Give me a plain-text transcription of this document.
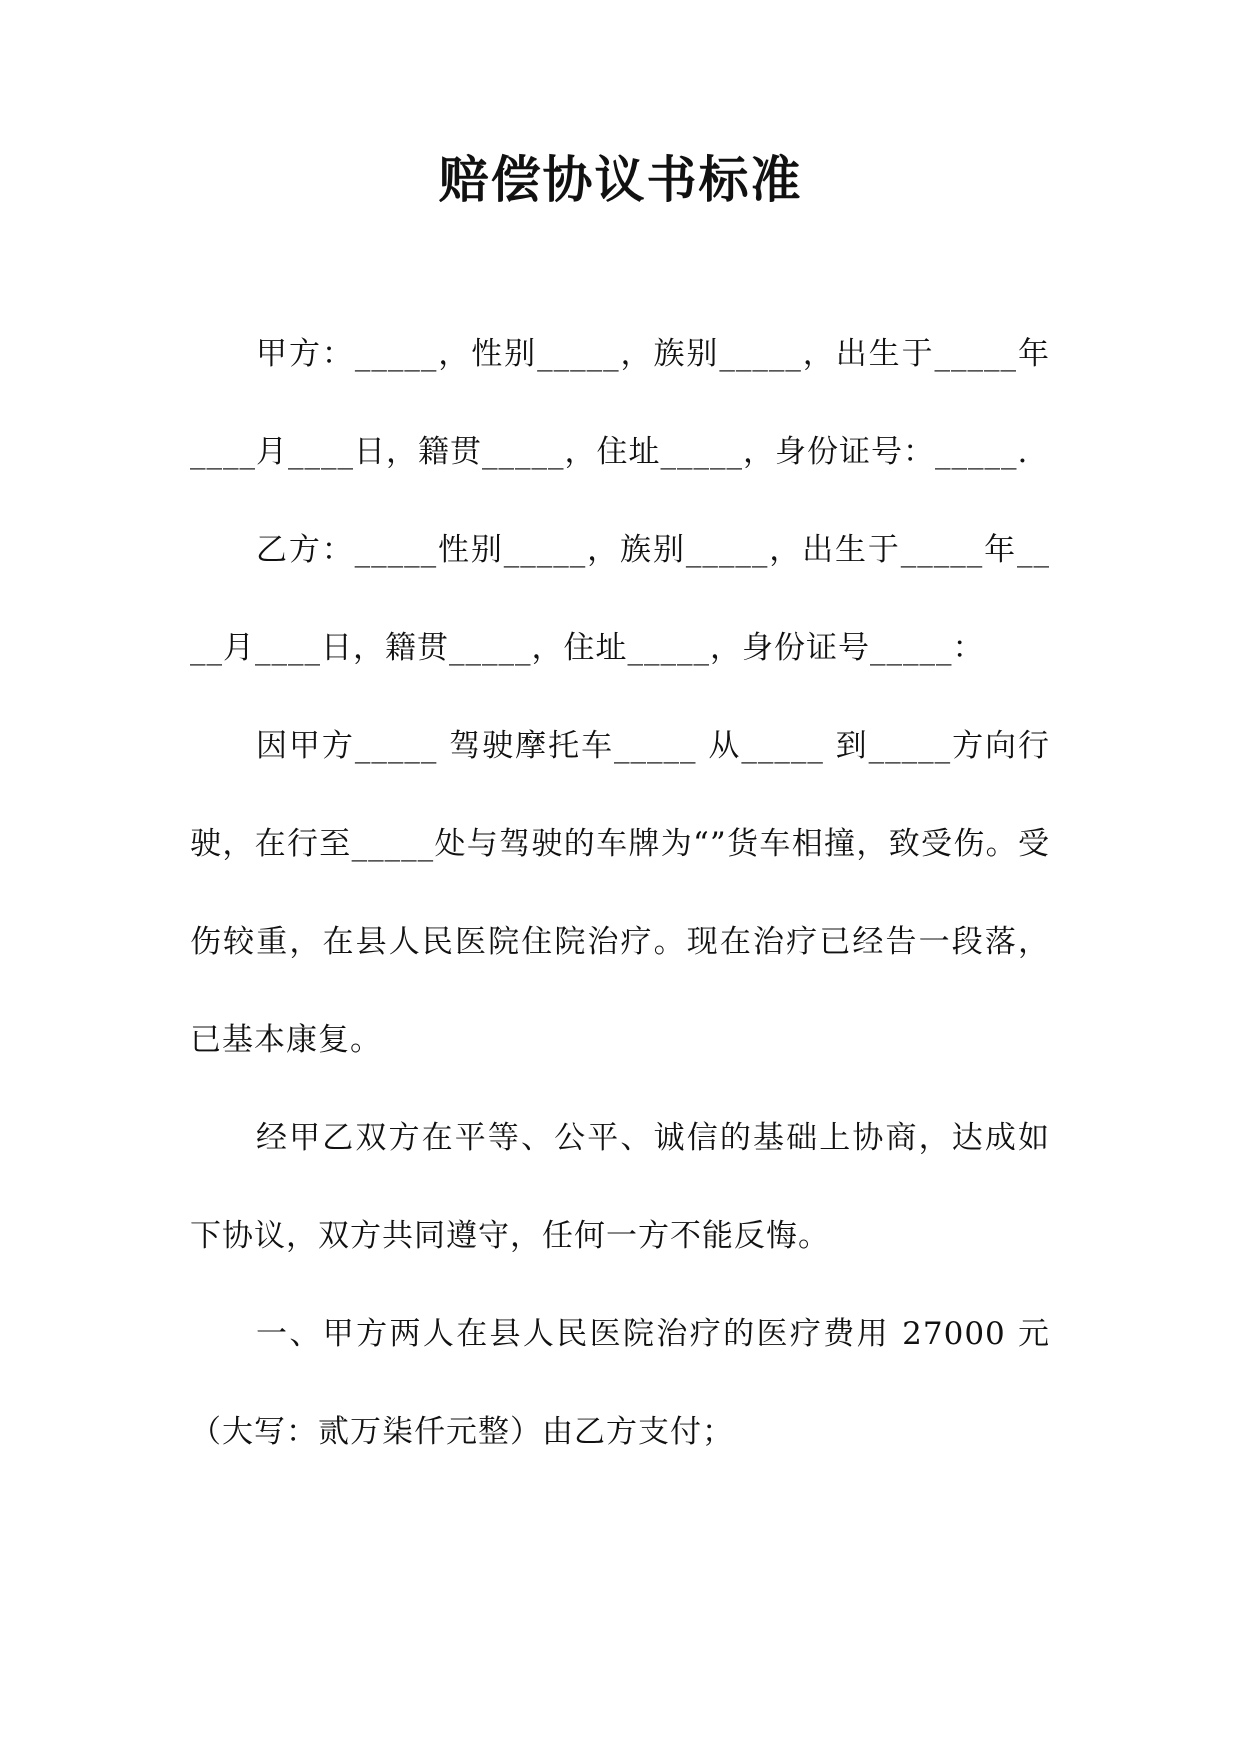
赔偿协议书标准

甲方：_____，性别_____，族别_____，出生于_____年____月____日，籍贯_____，住址_____，身份证号：_____.

乙方：_____性别_____，族别_____，出生于_____年____月____日，籍贯_____，住址_____，身份证号_____：

因甲方_____ 驾驶摩托车_____ 从_____ 到_____方向行驶，在行至_____处与驾驶的车牌为“”货车相撞，致受伤。受伤较重，在县人民医院住院治疗。现在治疗已经告一段落，已基本康复。

经甲乙双方在平等、公平、诚信的基础上协商，达成如下协议，双方共同遵守，任何一方不能反悔。

一、甲方两人在县人民医院治疗的医疗费用 27000 元（大写：贰万柒仟元整）由乙方支付；
